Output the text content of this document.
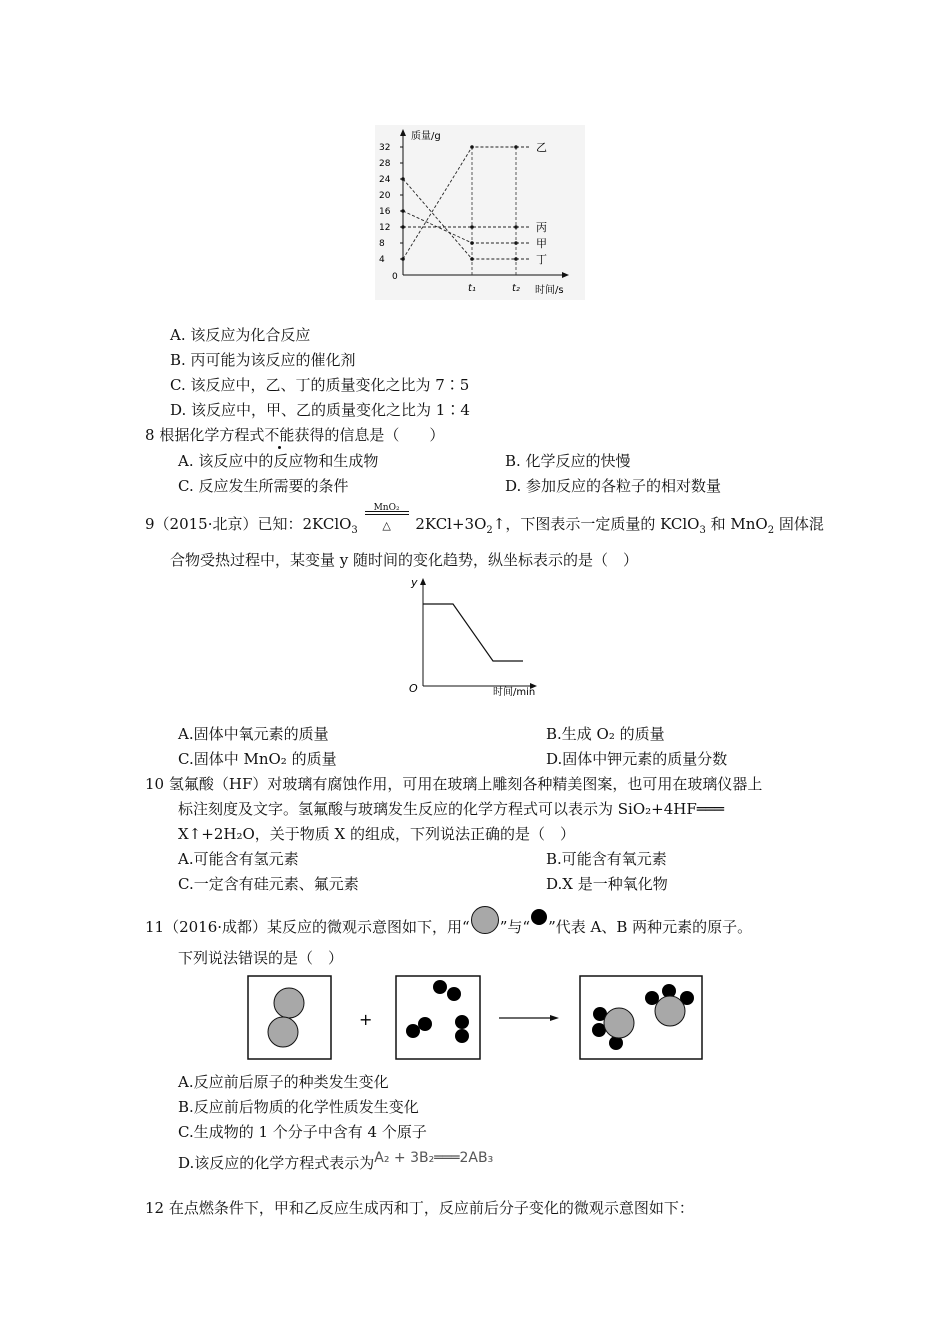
质量/g
时间/s
0
32
28
24
20
16
12
8
4
t₁	t₂
乙
丙
甲
丁
A. 该反应为化合反应
B. 丙可能为该反应的催化剂
C. 该反应中，乙、丁的质量变化之比为 7∶5
D. 该反应中，甲、乙的质量变化之比为 1∶4
8 根据化学方程式不能获得的信息是（　　）
A. 该反应中的反应物和生成物	B. 化学反应的快慢
C. 反应发生所需要的条件	D. 参加反应的各粒子的相对数量
9（2015·北京）已知：2KClO$_3$
MnO₂
△ $2KCl+3O_2↑$，下图表示一定质量的 KClO$_3$ 和 MnO$_2$ 固体混
合物受热过程中，某变量 y 随时间的变化趋势，纵坐标表示的是（　）
y
O	时间/min
A.固体中氧元素的质量	B.生成 O₂ 的质量
C.固体中 MnO₂ 的质量	D.固体中钾元素的质量分数
10 氢氟酸（HF）对玻璃有腐蚀作用，可用在玻璃上雕刻各种精美图案，也可用在玻璃仪器上
标注刻度及文字。氢氟酸与玻璃发生反应的化学方程式可以表示为 SiO₂+4HF═══
X↑+2H₂O，关于物质 X 的组成，下列说法正确的是（　）
A.可能含有氢元素	B.可能含有氧元素
C.一定含有硅元素、氟元素	D.X 是一种氧化物
11（2016·成都）某反应的微观示意图如下，用“ ”与“ ”代表 A、B 两种元素的原子。
下列说法错误的是（　）
+
A.反应前后原子的种类发生变化
B.反应前后物质的化学性质发生变化
C.生成物的 1 个分子中含有 4 个原子
D.该反应的化学方程式表示为A₂ + 3B₂═══2AB₃
12 在点燃条件下，甲和乙反应生成丙和丁，反应前后分子变化的微观示意图如下：
